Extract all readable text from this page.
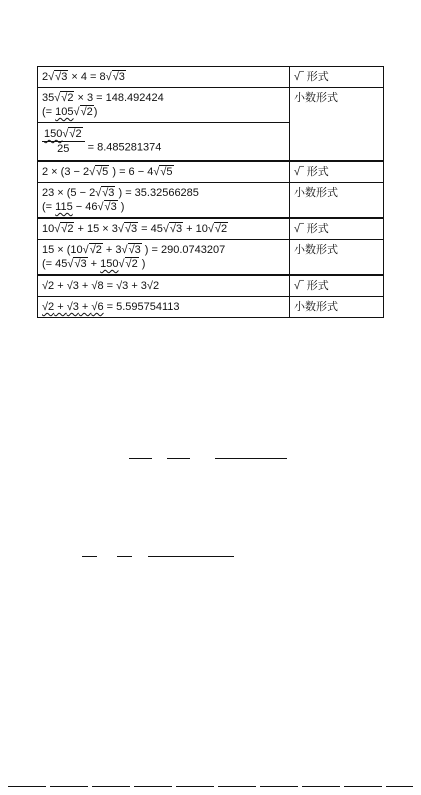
2√√3 × 4 = 8√√3	√‾ 形式

35√√2 × 3 = 148.492424
(= 105√√2)	小数形式

$\frac{150√√2}{25} = 8.485281374$	

2 × (3 − 2√√5 ) = 6 − 4√√5	√‾ 形式

23 × (5 − 2√√3 ) = 35.32566285
(= 115 − 46√√3 )	小数形式

10√√2 + 15 × 3√√3 = 45√√3 + 10√√2	√‾ 形式

15 × (10√√2 + 3√√3 ) = 290.0743207
(= 45√√3 + 150√√2 )	小数形式

√2 + √3 + √8 = √3 + 3√2	√‾ 形式

√2 + √3 + √6 = 5.595754113	小数形式
